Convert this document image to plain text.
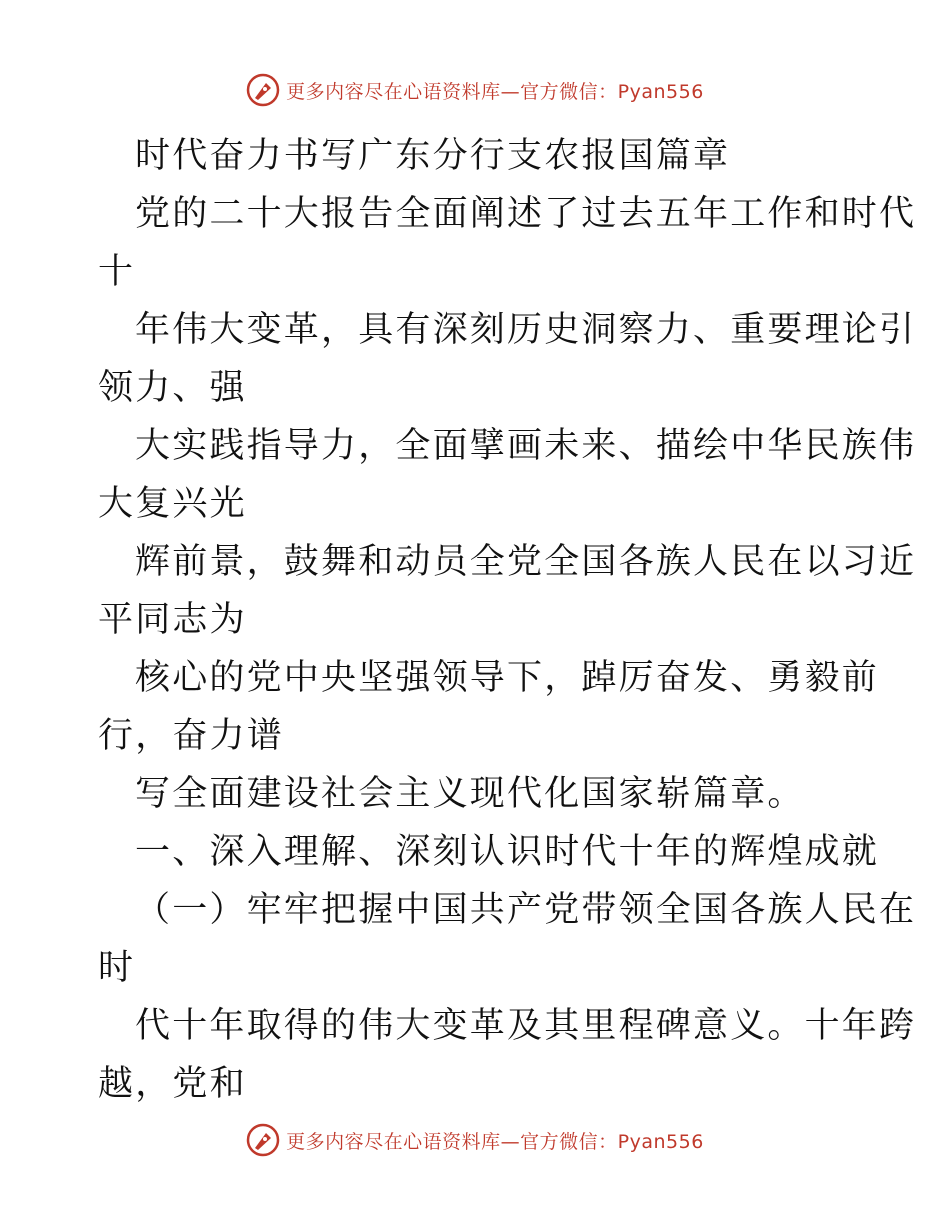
更多内容尽在心语资料库—官方微信：Pyan556
时代奋力书写广东分行支农报国篇章
党的二十大报告全面阐述了过去五年工作和时代
十
年伟大变革，具有深刻历史洞察力、重要理论引
领力、强
大实践指导力，全面擘画未来、描绘中华民族伟
大复兴光
辉前景，鼓舞和动员全党全国各族人民在以习近
平同志为
核心的党中央坚强领导下，踔厉奋发、勇毅前
行，奋力谱
写全面建设社会主义现代化国家崭篇章。
一、深入理解、深刻认识时代十年的辉煌成就
（一）牢牢把握中国共产党带领全国各族人民在
时
代十年取得的伟大变革及其里程碑意义。十年跨
越，党和
更多内容尽在心语资料库—官方微信：Pyan556
